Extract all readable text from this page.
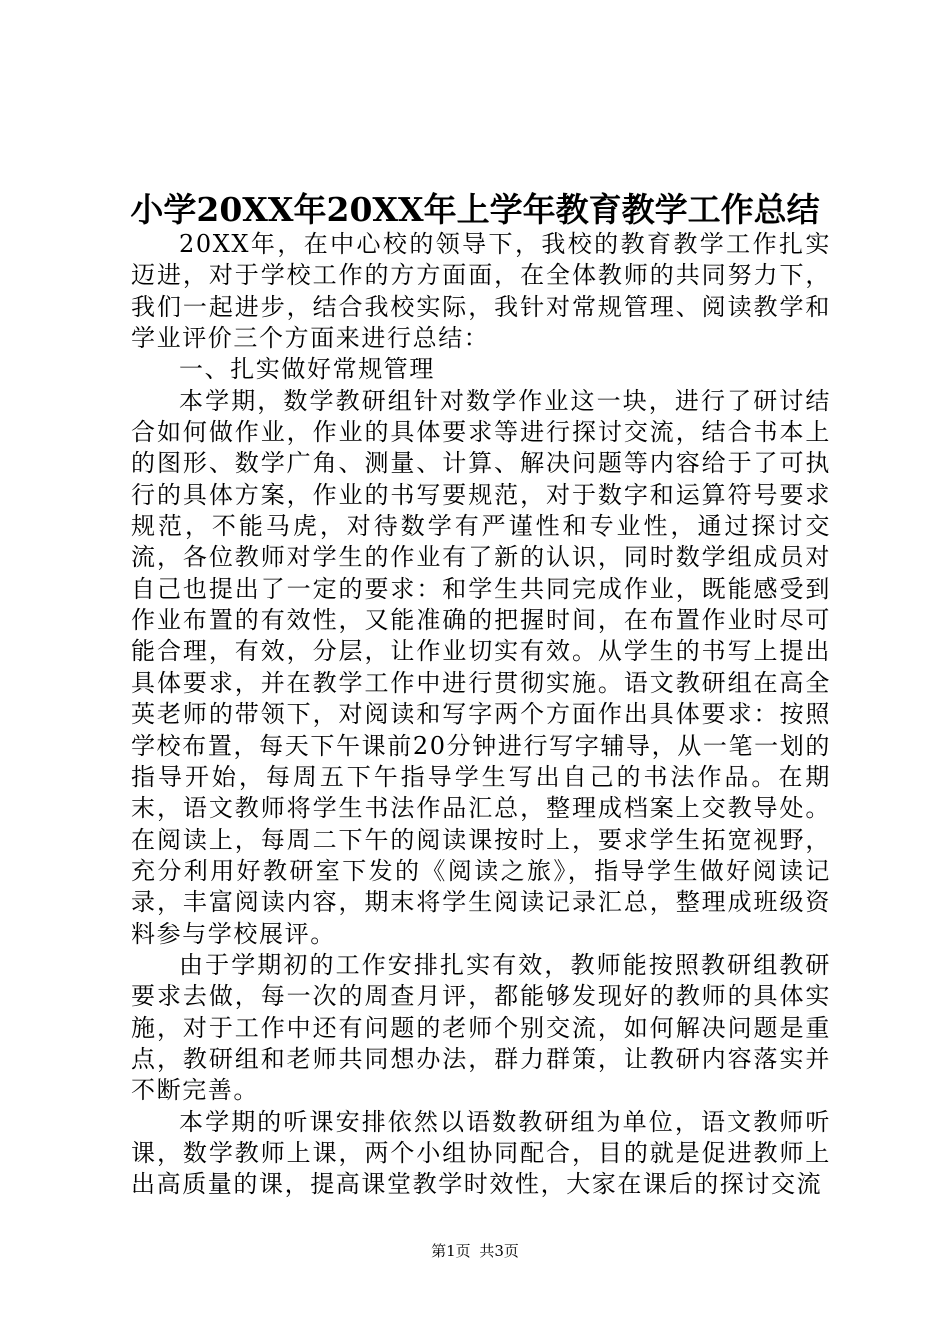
小学20XX年20XX年上学年教育教学工作总结

20XX年，在中心校的领导下，我校的教育教学工作扎实迈进，对于学校工作的方方面面，在全体教师的共同努力下，我们一起进步，结合我校实际，我针对常规管理、阅读教学和学业评价三个方面来进行总结：

一、扎实做好常规管理

本学期，数学教研组针对数学作业这一块，进行了研讨结合如何做作业，作业的具体要求等进行探讨交流，结合书本上的图形、数学广角、测量、计算、解决问题等内容给于了可执行的具体方案，作业的书写要规范，对于数字和运算符号要求规范，不能马虎，对待数学有严谨性和专业性，通过探讨交流，各位教师对学生的作业有了新的认识，同时数学组成员对自己也提出了一定的要求：和学生共同完成作业，既能感受到作业布置的有效性，又能准确的把握时间，在布置作业时尽可能合理，有效，分层，让作业切实有效。从学生的书写上提出具体要求，并在教学工作中进行贯彻实施。语文教研组在高全英老师的带领下，对阅读和写字两个方面作出具体要求：按照学校布置，每天下午课前20分钟进行写字辅导，从一笔一划的指导开始，每周五下午指导学生写出自己的书法作品。在期末，语文教师将学生书法作品汇总，整理成档案上交教导处。在阅读上，每周二下午的阅读课按时上，要求学生拓宽视野，充分利用好教研室下发的《阅读之旅》，指导学生做好阅读记录，丰富阅读内容，期末将学生阅读记录汇总，整理成班级资料参与学校展评。

由于学期初的工作安排扎实有效，教师能按照教研组教研要求去做，每一次的周查月评，都能够发现好的教师的具体实施，对于工作中还有问题的老师个别交流，如何解决问题是重点，教研组和老师共同想办法，群力群策，让教研内容落实并不断完善。

本学期的听课安排依然以语数教研组为单位，语文教师听课，数学教师上课，两个小组协同配合，目的就是促进教师上出高质量的课，提高课堂教学时效性，大家在课后的探讨交流

第1页 共3页
